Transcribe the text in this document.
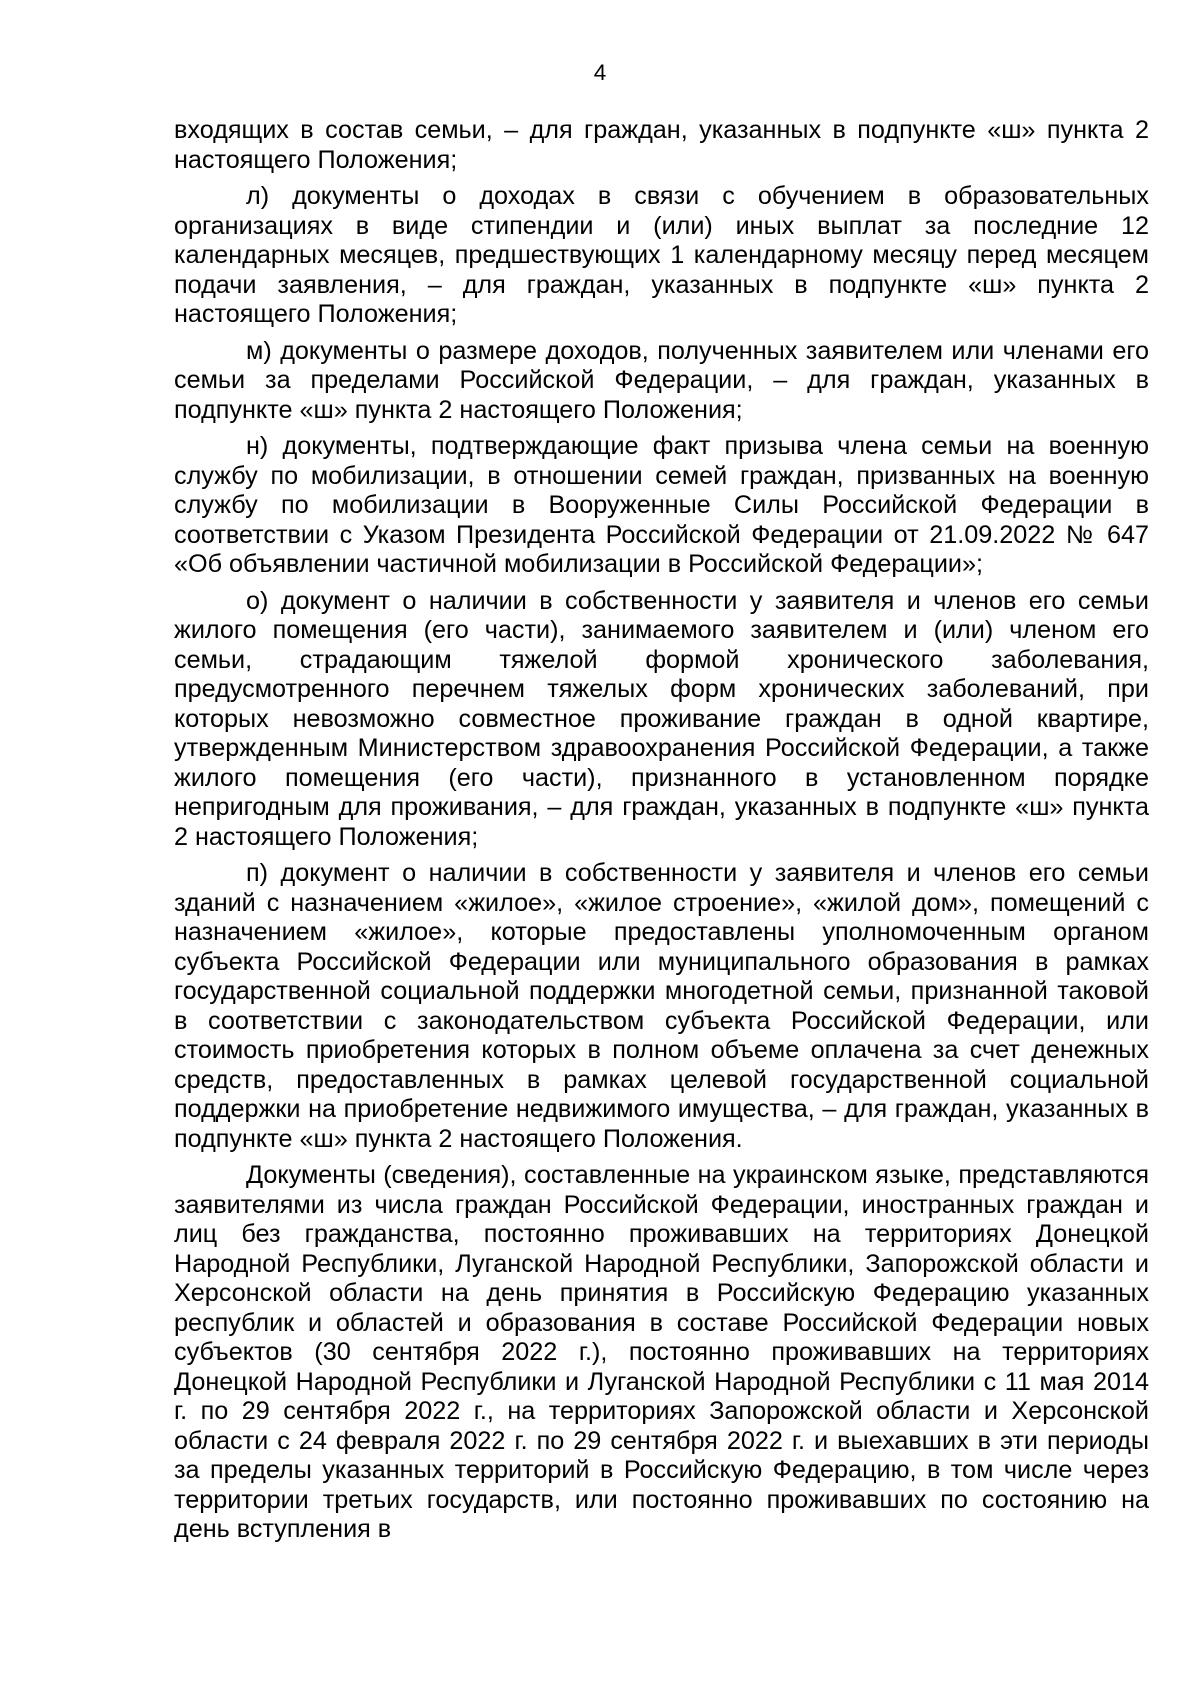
4

входящих в состав семьи, – для граждан, указанных в подпункте «ш» пункта 2 настоящего Положения;

л) документы о доходах в связи с обучением в образовательных организациях в виде стипендии и (или) иных выплат за последние 12 календарных месяцев, предшествующих 1 календарному месяцу перед месяцем подачи заявления, – для граждан, указанных в подпункте «ш» пункта 2 настоящего Положения;

м) документы о размере доходов, полученных заявителем или членами его семьи за пределами Российской Федерации, – для граждан, указанных в подпункте «ш» пункта 2 настоящего Положения;

н) документы, подтверждающие факт призыва члена семьи на военную службу по мобилизации, в отношении семей граждан, призванных на военную службу по мобилизации в Вооруженные Силы Российской Федерации в соответствии с Указом Президента Российской Федерации от 21.09.2022 № 647 «Об объявлении частичной мобилизации в Российской Федерации»;

о) документ о наличии в собственности у заявителя и членов его семьи жилого помещения (его части), занимаемого заявителем и (или) членом его семьи, страдающим тяжелой формой хронического заболевания, предусмотренного перечнем тяжелых форм хронических заболеваний, при которых невозможно совместное проживание граждан в одной квартире, утвержденным Министерством здравоохранения Российской Федерации, а также жилого помещения (его части), признанного в установленном порядке непригодным для проживания, – для граждан, указанных в подпункте «ш» пункта 2 настоящего Положения;

п) документ о наличии в собственности у заявителя и членов его семьи зданий с назначением «жилое», «жилое строение», «жилой дом», помещений с назначением «жилое», которые предоставлены уполномоченным органом субъекта Российской Федерации или муниципального образования в рамках государственной социальной поддержки многодетной семьи, признанной таковой в соответствии с законодательством субъекта Российской Федерации, или стоимость приобретения которых в полном объеме оплачена за счет денежных средств, предоставленных в рамках целевой государственной социальной поддержки на приобретение недвижимого имущества, – для граждан, указанных в подпункте «ш» пункта 2 настоящего Положения.

Документы (сведения), составленные на украинском языке, представляются заявителями из числа граждан Российской Федерации, иностранных граждан и лиц без гражданства, постоянно проживавших на территориях Донецкой Народной Республики, Луганской Народной Республики, Запорожской области и Херсонской области на день принятия в Российскую Федерацию указанных республик и областей и образования в составе Российской Федерации новых субъектов (30 сентября 2022 г.), постоянно проживавших на территориях Донецкой Народной Республики и Луганской Народной Республики с 11 мая 2014 г. по 29 сентября 2022 г., на территориях Запорожской области и Херсонской области с 24 февраля 2022 г. по 29 сентября 2022 г. и выехавших в эти периоды за пределы указанных территорий в Российскую Федерацию, в том числе через территории третьих государств, или постоянно проживавших по состоянию на день вступления в
